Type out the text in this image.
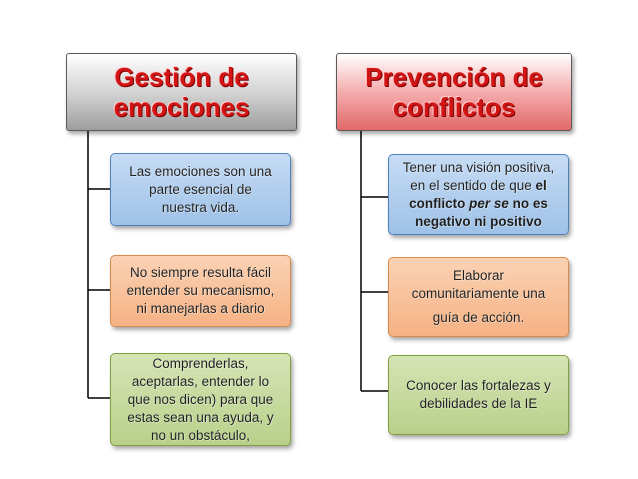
Gestión de
emociones
Prevención de
conflictos
Las emociones son una
parte esencial de
nuestra vida.
No siempre resulta fácil
entender su mecanismo,
ni manejarlas a diario
Comprenderlas,
aceptarlas, entender lo
que nos dicen) para que
estas sean una ayuda, y
no un obstáculo,
Tener una visión positiva,
en el sentido de que el
conflicto per se no es
negativo ni positivo
Elaborar
comunitariamente una
guía de acción.
Conocer las fortalezas y
debilidades de la IE
